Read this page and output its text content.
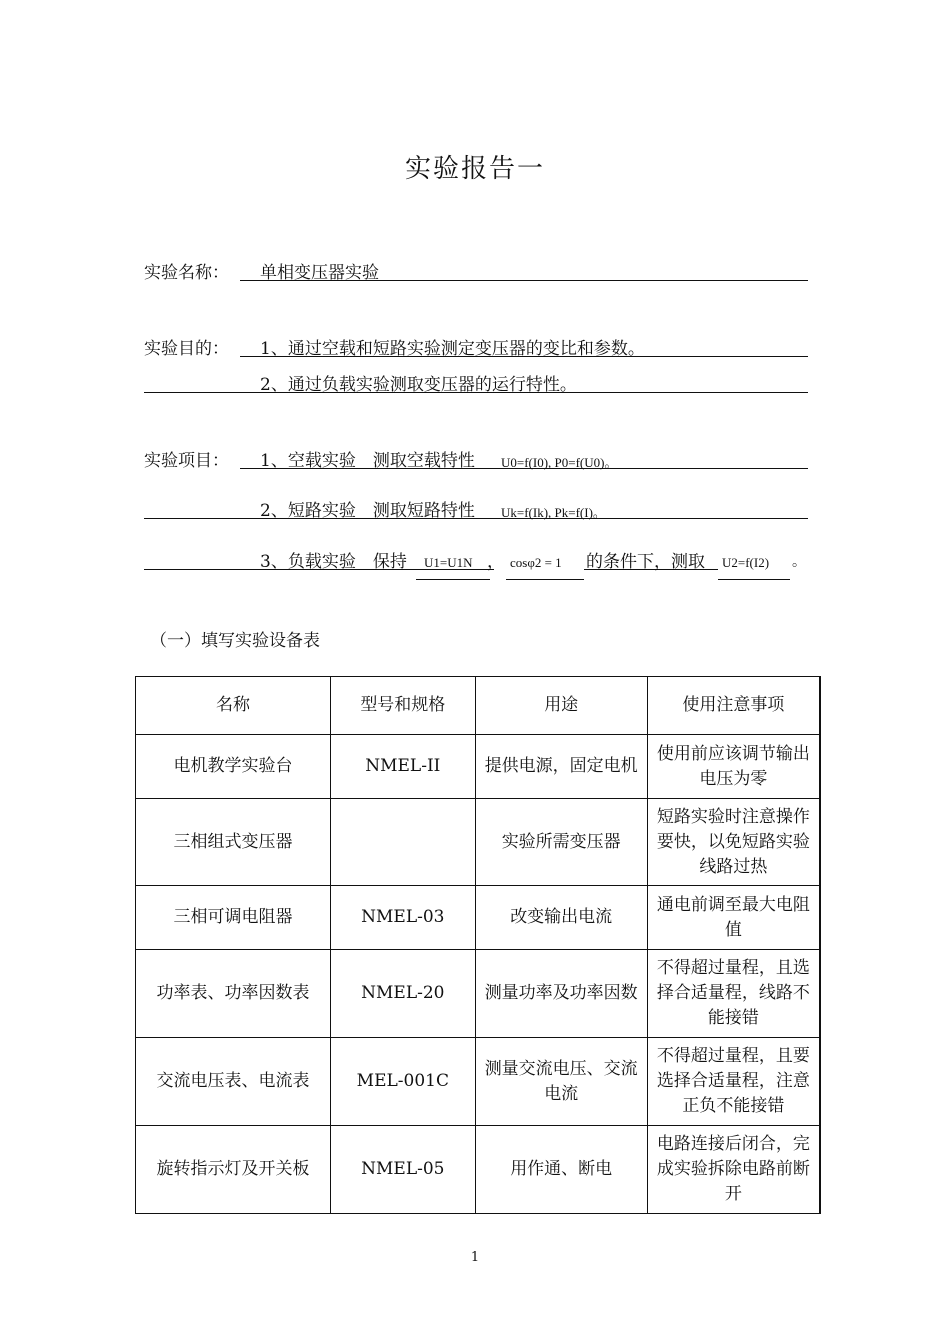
实验报告一
实验名称： 单相变压器实验
实验目的： 1、通过空载和短路实验测定变压器的变比和参数。
2、通过负载实验测取变压器的运行特性。
实验项目： 1、空载实验　测取空载特性 U0=f(I0), P0=f(U0)。
2、短路实验　测取短路特性 Uk=f(Ik), Pk=f(I)。
3、负载实验　保持 U1=U1N ， cosφ2 = 1 的条件下，测取 U2=f(I2) 。
（一）填写实验设备表
名称	型号和规格	用途	使用注意事项
电机教学实验台	NMEL-II	提供电源，固定电机	使用前应该调节输出电压为零
三相组式变压器		实验所需变压器	短路实验时注意操作要快，以免短路实验线路过热
三相可调电阻器	NMEL-03	改变输出电流	通电前调至最大电阻值
功率表、功率因数表	NMEL-20	测量功率及功率因数	不得超过量程，且选择合适量程，线路不能接错
交流电压表、电流表	MEL-001C	测量交流电压、交流电流	不得超过量程，且要选择合适量程，注意正负不能接错
旋转指示灯及开关板	NMEL-05	用作通、断电	电路连接后闭合，完成实验拆除电路前断开
1
